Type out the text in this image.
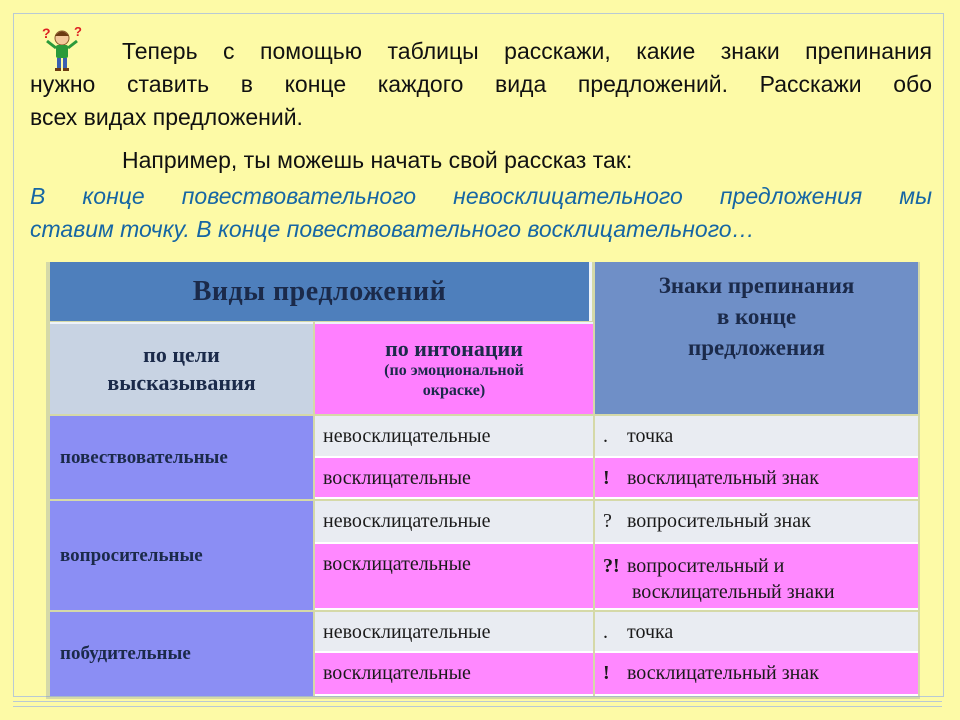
? ?
Теперь с помощью таблицы расскажи, какие знаки препинания
нужно ставить в конце каждого вида предложений. Расскажи обо
всех видах предложений.
Например, ты можешь начать свой рассказ так:
В конце повествовательного невосклицательного предложения мы
ставим точку. В конце повествовательного восклицательного…
Виды предложений	Знаки препинания
в конце
предложения
по цели
высказывания
по интонации
(по эмоциональной
окраске)
повествовательные
невосклицательные	. точка
восклицательные	! восклицательный знак
вопросительные
невосклицательные	? вопросительный знак
восклицательные	?! вопросительный и
восклицательный знаки
побудительные
невосклицательные	. точка
восклицательные	! восклицательный знак
